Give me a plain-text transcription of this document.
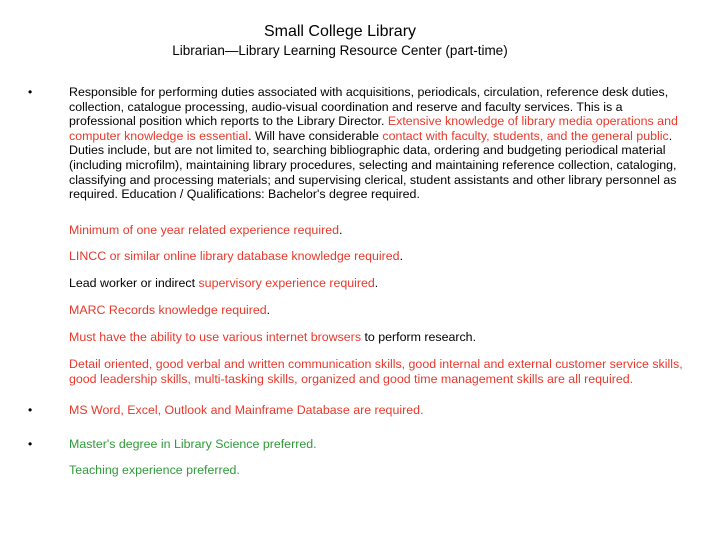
Small College Library
Librarian—Library Learning Resource Center (part-time)
•	Responsible for performing duties associated with acquisitions, periodicals, circulation, reference desk duties, collection, catalogue processing, audio-visual coordination and reserve and faculty services. This is a professional position which reports to the Library Director. Extensive knowledge of library media operations and computer knowledge is essential. Will have considerable contact with faculty, students, and the general public. Duties include, but are not limited to, searching bibliographic data, ordering and budgeting periodical material (including microfilm), maintaining library procedures, selecting and maintaining reference collection, cataloging, classifying and processing materials; and supervising clerical, student assistants and other library personnel as required. Education / Qualifications: Bachelor's degree required.
Minimum of one year related experience required.
LINCC or similar online library database knowledge required.
Lead worker or indirect supervisory experience required.
MARC Records knowledge required.
Must have the ability to use various internet browsers to perform research.
Detail oriented, good verbal and written communication skills, good internal and external customer service skills, good leadership skills, multi-tasking skills, organized and good time management skills are all required.
•	MS Word, Excel, Outlook and Mainframe Database are required.
•	Master's degree in Library Science preferred.
Teaching experience preferred.
